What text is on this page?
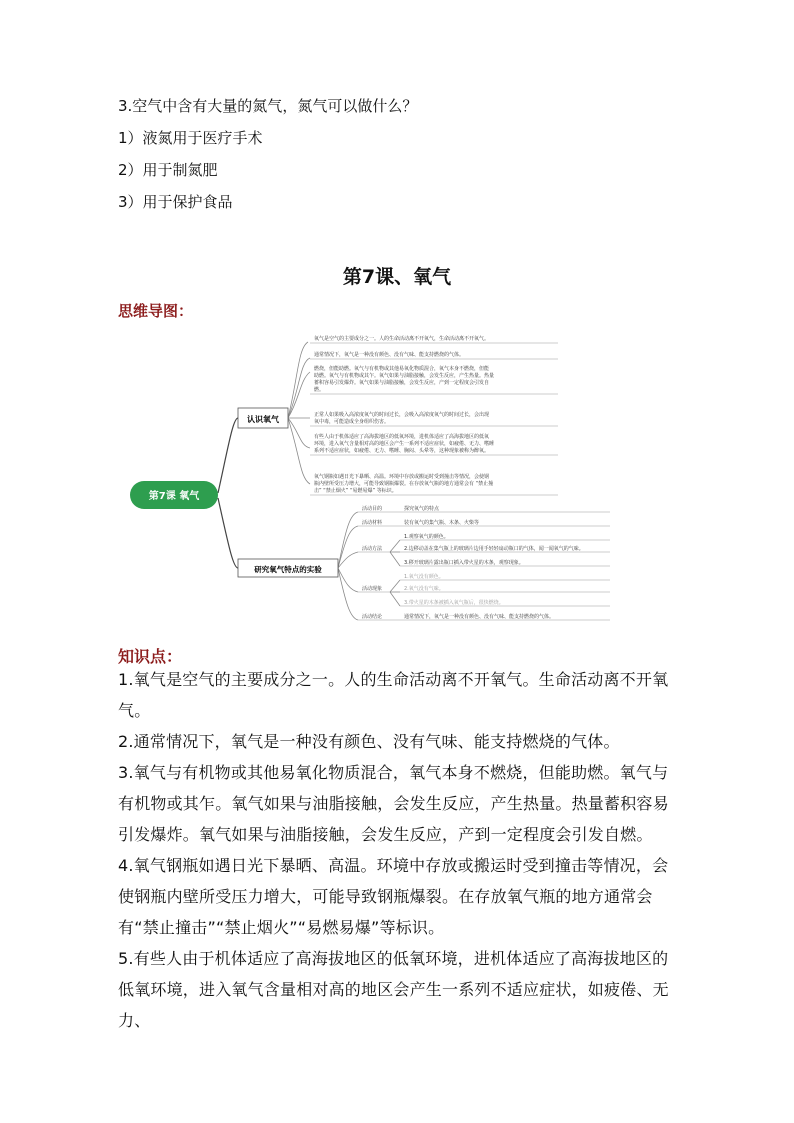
3.空气中含有大量的氮气，氮气可以做什么？
1）液氮用于医疗手术
2）用于制氮肥
3）用于保护食品
第7课、氧气
思维导图：
第7课 氧气
认识氧气
研究氧气特点的实验
氧气是空气的主要成分之一。人的生命活动离不开氧气，生命活动离不开氧气。
通常情况下，氧气是一种没有颜色、没有气味、能支持燃烧的气体。
燃烧，但能助燃。氧气与有机物或其他易氧化物质混合，氧气本身不燃烧，但能
助燃。氧气与有机物或其乍。氧气如果与油脂接触，会发生反应，产生热量。热量
蓄积容易引发爆炸。氧气如果与油脂接触，会发生反应，产到一定程度会引发自
燃。
正常人如果吸入高浓度氧气的时间过长，会吸入高浓度氧气的时间过长，会出现
氧中毒，可能造成全身组织伤害。
有些人由于机体适应了高海拔地区的低氧环境，进机体适应了高海拔地区的低氧
环境，进入氧气含量相对高的地区会产生一系列不适应症状，如疲倦、无力、嗜睡
系列不适应症状，如疲倦、无力、嗜睡、胸闷、头晕等，这种现象被称为醉氧。
氧气钢瓶如遇日光下暴晒、高温。环境中存放或搬运时受到撞击等情况，会使钢
瓶内壁所受压力增大，可能导致钢瓶爆裂。在存放氧气瓶的地方通常会有 “禁止撞
击” “禁止烟火” “易燃易爆” 等标识。
活动目的	探究氧气的特点
活动材料	装有氧气的集气瓶、木条、火柴等
活动方法
1.观察氧气的颜色。
2.边移动盖在集气瓶上的玻璃片边用手轻轻扇动瓶口的气体，闻一闻氧气的气味。
3.移开玻璃片露出瓶口插入带火星的木条，观察现象。
活动现象
1.氧气没有颜色。
2.氧气没有气味。
3.带火星的木条被插入氧气瓶后，很快燃烧。
活动结论	通常情况下，氧气是一种没有颜色、没有气味、能支持燃烧的气体。
知识点：

1.氧气是空气的主要成分之一。人的生命活动离不开氧气。生命活动离不开氧气。

2.通常情况下，氧气是一种没有颜色、没有气味、能支持燃烧的气体。

3.氧气与有机物或其他易氧化物质混合，氧气本身不燃烧，但能助燃。氧气与有机物或其乍。氧气如果与油脂接触，会发生反应，产生热量。热量蓄积容易引发爆炸。氧气如果与油脂接触，会发生反应，产到一定程度会引发自燃。

4.氧气钢瓶如遇日光下暴晒、高温。环境中存放或搬运时受到撞击等情况，会使钢瓶内壁所受压力增大，可能导致钢瓶爆裂。在存放氧气瓶的地方通常会有“禁止撞击”“禁止烟火”“易燃易爆”等标识。

5.有些人由于机体适应了高海拔地区的低氧环境，进机体适应了高海拔地区的低氧环境，进入氧气含量相对高的地区会产生一系列不适应症状，如疲倦、无力、
